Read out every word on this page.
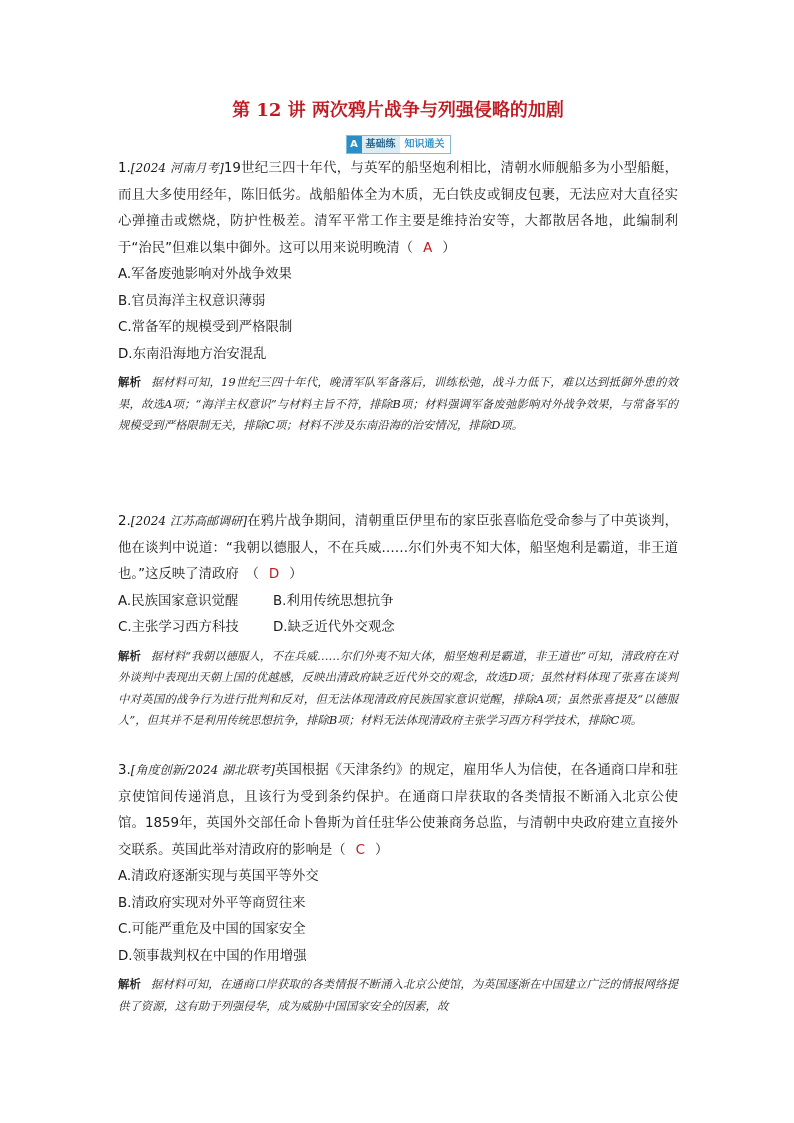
第 12 讲 两次鸦片战争与列强侵略的加剧
A 基础练 知识通关
1.[2024 河南月考]19世纪三四十年代，与英军的船坚炮利相比，清朝水师舰船多为小型船艇，而且大多使用经年，陈旧低劣。战船船体全为木质，无白铁皮或铜皮包裹，无法应对大直径实心弹撞击或燃烧，防护性极差。清军平常工作主要是维持治安等，大都散居各地，此编制利于“治民”但难以集中御外。这可以用来说明晚清（ A ）
A.军备废弛影响对外战争效果
B.官员海洋主权意识薄弱
C.常备军的规模受到严格限制
D.东南沿海地方治安混乱
解析 据材料可知，19世纪三四十年代，晚清军队军备落后，训练松弛，战斗力低下，难以达到抵御外患的效果，故选A项；“海洋主权意识”与材料主旨不符，排除B项；材料强调军备废弛影响对外战争效果，与常备军的规模受到严格限制无关，排除C项；材料不涉及东南沿海的治安情况，排除D项。
2.[2024 江苏高邮调研]在鸦片战争期间，清朝重臣伊里布的家臣张喜临危受命参与了中英谈判，他在谈判中说道：“我朝以德服人，不在兵威……尔们外夷不知大体，船坚炮利是霸道，非王道也。”这反映了清政府　（ D ）
A.民族国家意识觉醒	B.利用传统思想抗争
C.主张学习西方科技	D.缺乏近代外交观念
解析 据材料“我朝以德服人，不在兵威……尔们外夷不知大体，船坚炮利是霸道，非王道也”可知，清政府在对外谈判中表现出天朝上国的优越感，反映出清政府缺乏近代外交的观念，故选D项；虽然材料体现了张喜在谈判中对英国的战争行为进行批判和反对，但无法体现清政府民族国家意识觉醒，排除A项；虽然张喜提及“以德服人”，但其并不是利用传统思想抗争，排除B项；材料无法体现清政府主张学习西方科学技术，排除C项。
3.[角度创新/2024 湖北联考]英国根据《天津条约》的规定，雇用华人为信使，在各通商口岸和驻京使馆间传递消息，且该行为受到条约保护。在通商口岸获取的各类情报不断涌入北京公使馆。1859年，英国外交部任命卜鲁斯为首任驻华公使兼商务总监，与清朝中央政府建立直接外交联系。英国此举对清政府的影响是（ C ）
A.清政府逐渐实现与英国平等外交
B.清政府实现对外平等商贸往来
C.可能严重危及中国的国家安全
D.领事裁判权在中国的作用增强
解析 据材料可知，在通商口岸获取的各类情报不断涌入北京公使馆，为英国逐渐在中国建立广泛的情报网络提供了资源，这有助于列强侵华，成为威胁中国国家安全的因素，故
